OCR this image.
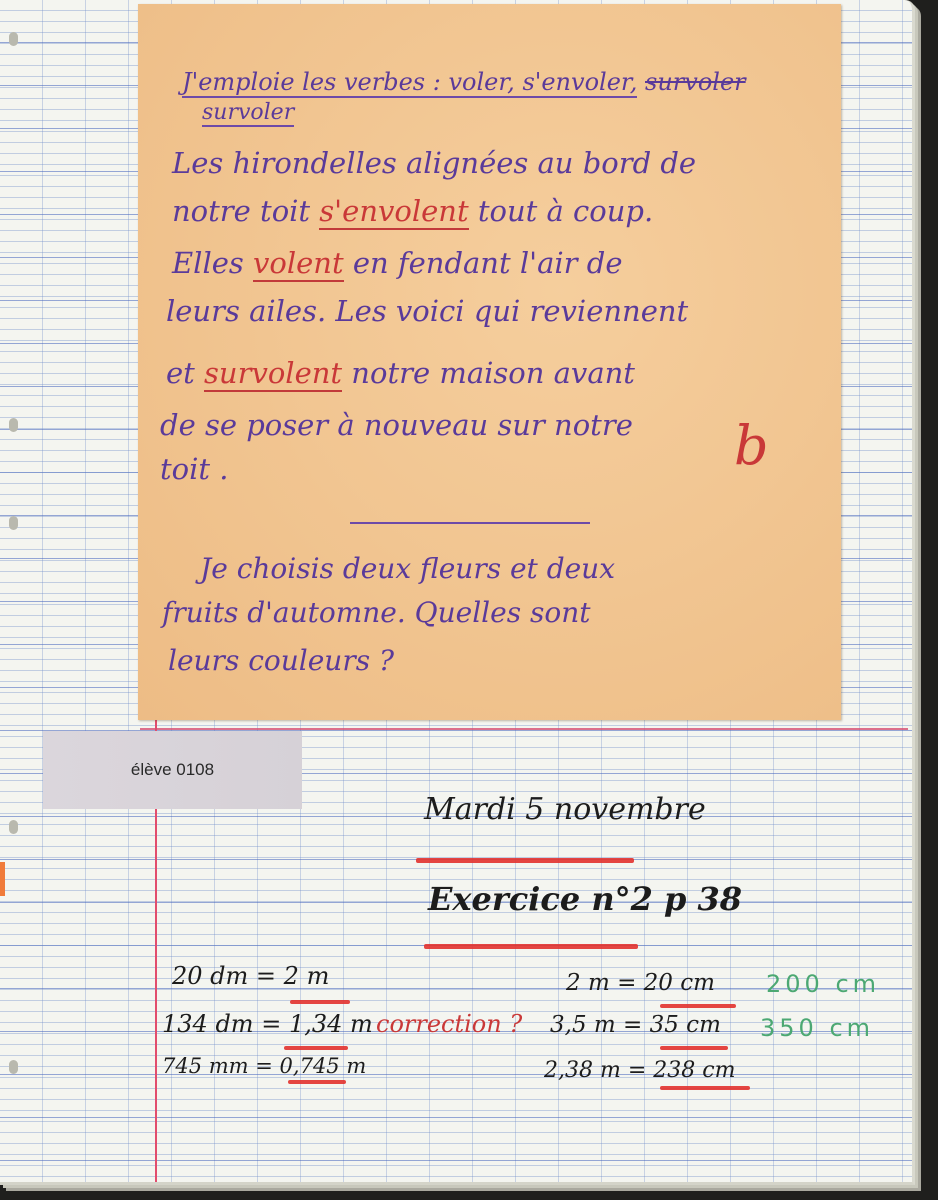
J'emploie les verbes : voler, s'envoler, survoler
survoler
Les hirondelles alignées au bord de
notre toit s'envolent tout à coup.
Elles volent en fendant l'air de
leurs ailes. Les voici qui reviennent
et survolent notre maison avant
de se poser à nouveau sur notre
toit .	b
Je choisis deux fleurs et deux
fruits d'automne. Quelles sont
leurs couleurs ?
élève 0108
Mardi 5 novembre
Exercice n°2 p 38
20 dm = 2 m
134 dm = 1,34 m
745 mm = 0,745 m
correction ?
2 m = 20 cm 200 cm
3,5 m = 35 cm 350 cm
2,38 m = 238 cm
